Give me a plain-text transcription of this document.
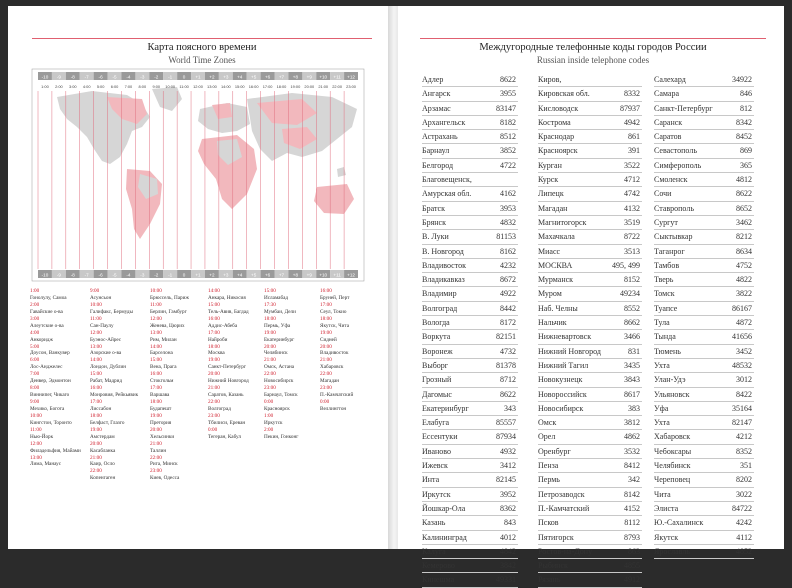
Карта поясного времени
World Time Zones
-10 -9 -8 -7 -6 -5 -4 -3 -2 -1 0 +1 +2 +3 +4 +5 +6 +7 +8 +9 +10 +11 +12
-10 -9 -8 -7 -6 -5 -4 -3 -2 -1 0 +1 +2 +3 +4 +5 +6 +7 +8 +9 +10 +11 +12
1:00 2:00 3:00 4:00 5:00 6:00 7:00 8:00 9:00 10:00 11:00 12:00 13:00 14:00 15:00 16:00 17:00 18:00 19:00 20:00 21:00 22:00 23:00
1:00
Гонолулу, Самоа
2:00
Гавайские о-ва
3:00
Алеутские о-ва
4:00
Анкоридж
5:00
Доусон, Ванкувер
6:00
Лос-Анджелес
7:00
Денвер, Эдмонтон
8:00
Виннипег, Чикаго
9:00
Мехико, Богота
10:00
Кингстон, Торонто
11:00
Нью-Йорк
12:00
Филадельфия, Майами
13:00
Лима, Манаус
9:00
Асунсьон
10:00
Галифакс, Бермуды
11:00
Сан-Паулу
12:00
Буэнос-Айрес
13:00
Азорские о-ва
14:00
Лондон, Дублин
15:00
Рабат, Мадрид
16:00
Монровия, Рейкьявик
17:00
Лиссабон
18:00
Белфаст, Глазго
19:00
Амстердам
20:00
Касабланка
21:00
Каир, Осло
22:00
Копенгаген
10:00
Брюссель, Париж
11:00
Берлин, Гамбург
12:00
Женева, Цюрих
13:00
Рим, Милан
14:00
Барселона
15:00
Вена, Прага
16:00
Стокгольм
17:00
Варшава
18:00
Будапешт
19:00
Претория
20:00
Хельсинки
21:00
Таллин
22:00
Рига, Минск
23:00
Киев, Одесса
14:00
Анкара, Никосия
15:00
Тель-Авив, Багдад
16:00
Аддис-Абеба
17:00
Найроби
18:00
Москва
19:00
Санкт-Петербург
20:00
Нижний Новгород
21:00
Саратов, Казань
22:00
Волгоград
23:00
Тбилиси, Ереван
0:00
Тегеран, Кабул
15:00
Исламабад
17:30
Мумбаи, Дели
18:00
Пермь, Уфа
19:00
Екатеринбург
20:00
Челябинск
21:00
Омск, Астана
22:00
Новосибирск
23:00
Барнаул, Томск
0:00
Красноярск
1:00
Иркутск
2:00
Пекин, Гонконг
16:00
Бруней, Перт
17:00
Сеул, Токио
18:00
Якутск, Чита
19:00
Сидней
20:00
Владивосток
21:00
Хабаровск
22:00
Магадан
23:00
П.-Камчатский
0:00
Веллингтон
Междугородные телефонные коды городов России
Russian inside telephone codes
Адлер	8622
Ангарск	3955
Арзамас	83147
Архангельск	8182
Астрахань	8512
Барнаул	3852
Белгород	4722
Благовещенск,
Амурская обл.	4162
Братск	3953
Брянск	4832
В. Луки	81153
В. Новгород	8162
Владивосток	4232
Владикавказ	8672
Владимир	4922
Волгоград	8442
Вологда	8172
Воркута	82151
Воронеж	4732
Выборг	81378
Грозный	8712
Дагомыс	8622
Екатеринбург	343
Елабуга	85557
Ессентуки	87934
Иваново	4932
Ижевск	3412
Инта	82145
Иркутск	3952
Йошкар-Ола	8362
Казань	843
Калининград	4012
Калуга	4842
Кемерово	3842
Кинешма	49331
Киров,
Кировская обл.	8332
Кисловодск	87937
Кострома	4942
Краснодар	861
Красноярск	391
Курган	3522
Курск	4712
Липецк	4742
Магадан	4132
Магнитогорск	3519
Махачкала	8722
Миасс	3513
МОСКВА	495, 499
Мурманск	8152
Муром	49234
Наб. Челны	8552
Нальчик	8662
Нижневартовск	3466
Нижний Новгород	831
Нижний Тагил	3435
Новокузнецк	3843
Новороссийск	8617
Новосибирск	383
Омск	3812
Орел	4862
Оренбург	3532
Пенза	8412
Пермь	342
Петрозаводск	8142
П.-Камчатский	4152
Псков	8112
Пятигорск	8793
Ростов-на-Дону	863
Рыбинск	4855
Рязань	4912
Салехард	34922
Самара	846
Санкт-Петербург	812
Саранск	8342
Саратов	8452
Севастополь	869
Симферополь	365
Смоленск	4812
Сочи	8622
Ставрополь	8652
Сургут	3462
Сыктывкар	8212
Таганрог	8634
Тамбов	4752
Тверь	4822
Томск	3822
Туапсе	86167
Тула	4872
Тында	41656
Тюмень	3452
Ухта	48532
Улан-Удэ	3012
Ульяновск	8422
Уфа	35164
Ухта	82147
Хабаровск	4212
Чебоксары	8352
Челябинск	351
Череповец	8202
Чита	3022
Элиста	84722
Ю.-Сахалинск	4242
Якутск	4112
Ярославль	4852
